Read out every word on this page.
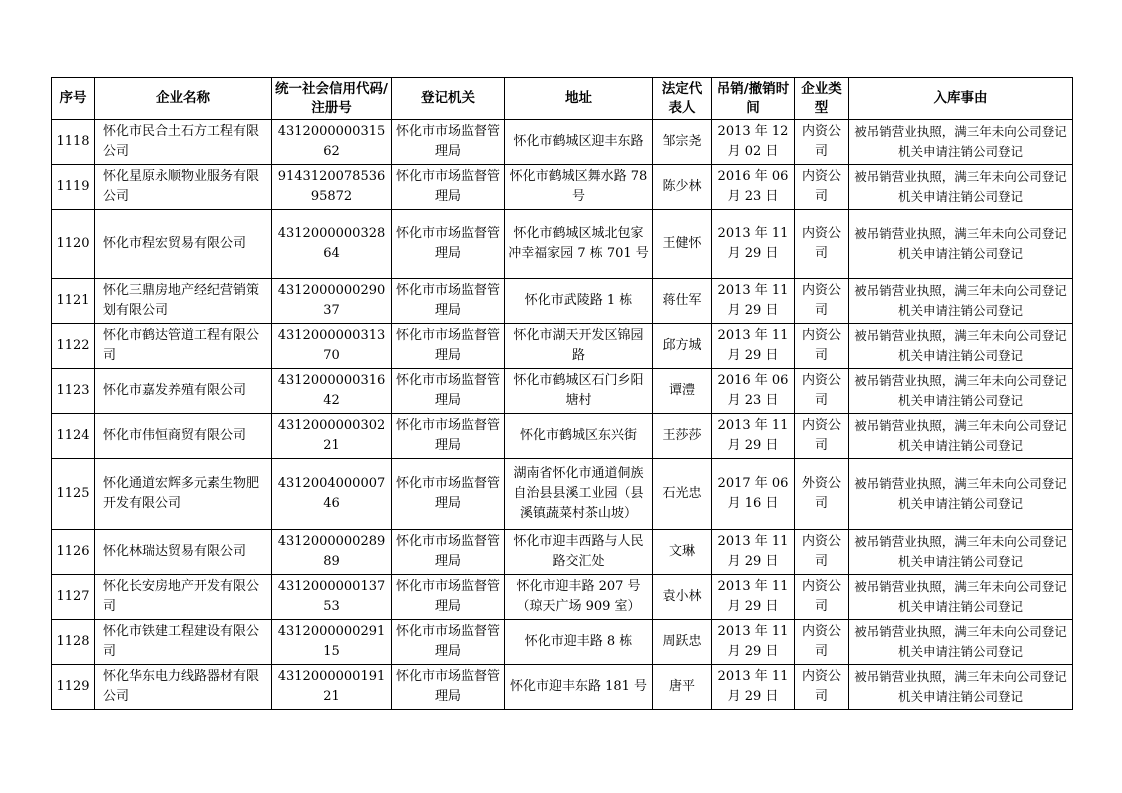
序号	企业名称	统一社会信用代码/注册号	登记机关	地址	法定代表人	吊销/撤销时间	企业类型	入库事由
1118	怀化市民合土石方工程有限公司	431200000031562	怀化市市场监督管理局	怀化市鹤城区迎丰东路	邹宗尧	2013 年 12 月 02 日	内资公司	被吊销营业执照，满三年未向公司登记机关申请注销公司登记
1119	怀化星原永顺物业服务有限公司	914312007853695872	怀化市市场监督管理局	怀化市鹤城区舞水路 78 号	陈少林	2016 年 06 月 23 日	内资公司	被吊销营业执照，满三年未向公司登记机关申请注销公司登记
1120	怀化市程宏贸易有限公司	431200000032864	怀化市市场监督管理局	怀化市鹤城区城北包家冲幸福家园 7 栋 701 号	王健怀	2013 年 11 月 29 日	内资公司	被吊销营业执照，满三年未向公司登记机关申请注销公司登记
1121	怀化三鼎房地产经纪营销策划有限公司	431200000029037	怀化市市场监督管理局	怀化市武陵路 1 栋	蒋仕军	2013 年 11 月 29 日	内资公司	被吊销营业执照，满三年未向公司登记机关申请注销公司登记
1122	怀化市鹤达管道工程有限公司	431200000031370	怀化市市场监督管理局	怀化市湖天开发区锦园路	邱方城	2013 年 11 月 29 日	内资公司	被吊销营业执照，满三年未向公司登记机关申请注销公司登记
1123	怀化市嘉发养殖有限公司	431200000031642	怀化市市场监督管理局	怀化市鹤城区石门乡阳塘村	谭澧	2016 年 06 月 23 日	内资公司	被吊销营业执照，满三年未向公司登记机关申请注销公司登记
1124	怀化市伟恒商贸有限公司	431200000030221	怀化市市场监督管理局	怀化市鹤城区东兴街	王莎莎	2013 年 11 月 29 日	内资公司	被吊销营业执照，满三年未向公司登记机关申请注销公司登记
1125	怀化通道宏辉多元素生物肥开发有限公司	431200400000746	怀化市市场监督管理局	湖南省怀化市通道侗族自治县县溪工业园（县溪镇蔬菜村茶山坡）	石光忠	2017 年 06 月 16 日	外资公司	被吊销营业执照，满三年未向公司登记机关申请注销公司登记
1126	怀化林瑞达贸易有限公司	431200000028989	怀化市市场监督管理局	怀化市迎丰西路与人民路交汇处	文琳	2013 年 11 月 29 日	内资公司	被吊销营业执照，满三年未向公司登记机关申请注销公司登记
1127	怀化长安房地产开发有限公司	431200000013753	怀化市市场监督管理局	怀化市迎丰路 207 号（琼天广场 909 室）	袁小林	2013 年 11 月 29 日	内资公司	被吊销营业执照，满三年未向公司登记机关申请注销公司登记
1128	怀化市铁建工程建设有限公司	431200000029115	怀化市市场监督管理局	怀化市迎丰路 8 栋	周跃忠	2013 年 11 月 29 日	内资公司	被吊销营业执照，满三年未向公司登记机关申请注销公司登记
1129	怀化华东电力线路器材有限公司	431200000019121	怀化市市场监督管理局	怀化市迎丰东路 181 号	唐平	2013 年 11 月 29 日	内资公司	被吊销营业执照，满三年未向公司登记机关申请注销公司登记
